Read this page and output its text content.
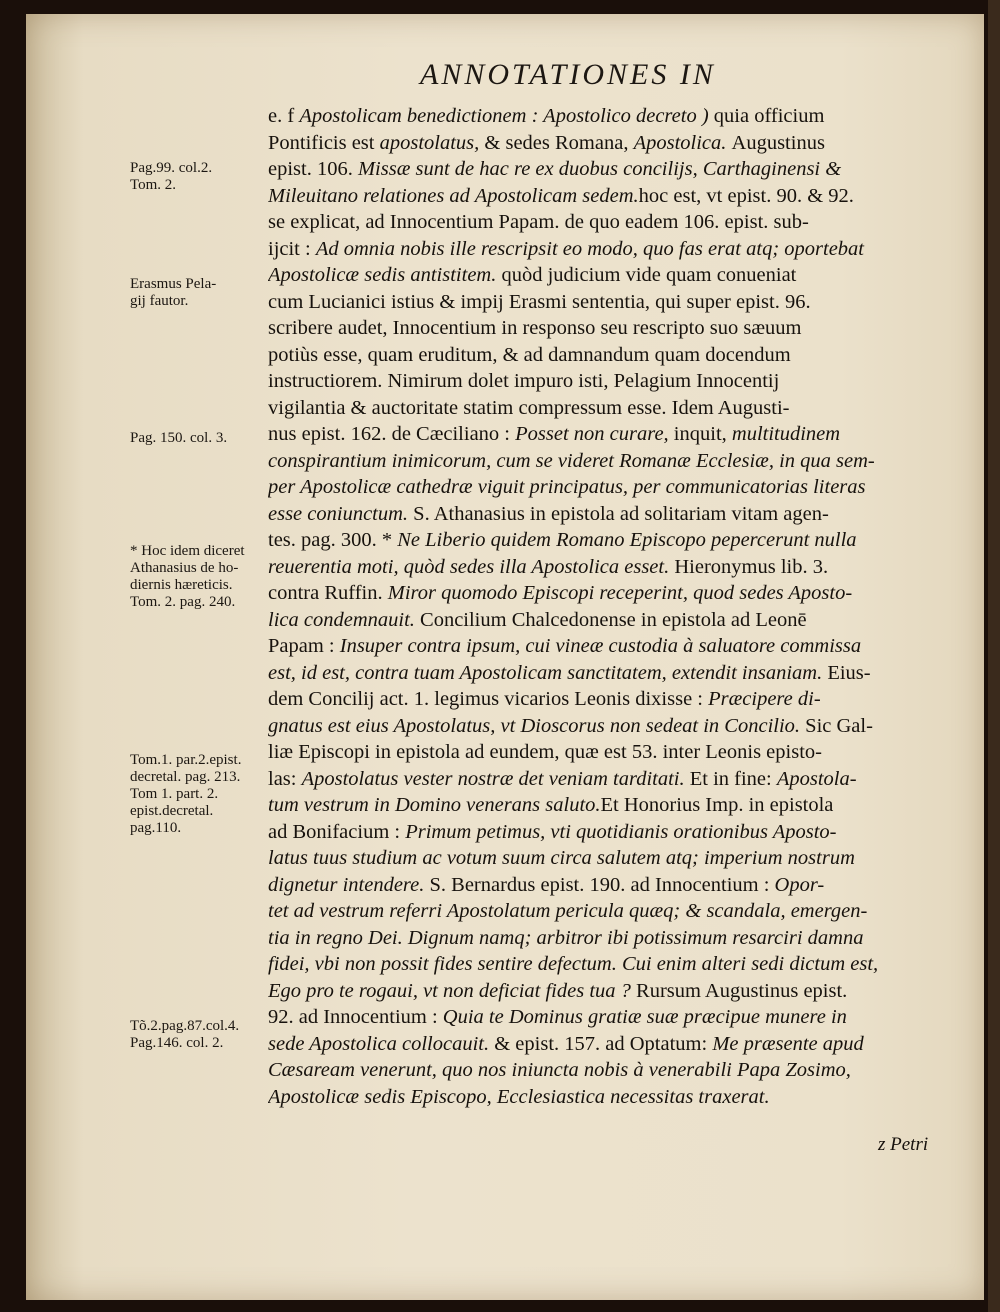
ANNOTATIONES IN
Pag.99. col.2.
Tom. 2.
Erasmus Pela-
gij fautor.
Pag. 150. col. 3.
* Hoc idem diceret
Athanasius de ho-
diernis hæreticis.
Tom. 2. pag. 240.
Tom.1. par.2.epist.
decretal. pag. 213.
Tom 1. part. 2.
epist.decretal.
pag.110.
Tõ.2.pag.87.col.4.
Pag.146. col. 2.
e. f Apostolicam benedictionem : Apostolico decreto ) quia officium
Pontificis est apostolatus, & sedes Romana, Apostolica. Augustinus
epist. 106. Missæ sunt de hac re ex duobus concilijs, Carthaginensi &
Mileuitano relationes ad Apostolicam sedem.hoc est, vt epist. 90. & 92.
se explicat, ad Innocentium Papam. de quo eadem 106. epist. sub-
ijcit : Ad omnia nobis ille rescripsit eo modo, quo fas erat atq; oportebat
Apostolicæ sedis antistitem. quòd judicium vide quam conueniat
cum Lucianici istius & impij Erasmi sententia, qui super epist. 96.
scribere audet, Innocentium in responso seu rescripto suo sæuum
potiùs esse, quam eruditum, & ad damnandum quam docendum
instructiorem. Nimirum dolet impuro isti, Pelagium Innocentij
vigilantia & auctoritate statim compressum esse. Idem Augusti-
nus epist. 162. de Cæciliano : Posset non curare, inquit, multitudinem
conspirantium inimicorum, cum se videret Romanæ Ecclesiæ, in qua sem-
per Apostolicæ cathedræ viguit principatus, per communicatorias literas
esse coniunctum. S. Athanasius in epistola ad solitariam vitam agen-
tes. pag. 300. * Ne Liberio quidem Romano Episcopo pepercerunt nulla
reuerentia moti, quòd sedes illa Apostolica esset. Hieronymus lib. 3.
contra Ruffin. Miror quomodo Episcopi receperint, quod sedes Aposto-
lica condemnauit. Concilium Chalcedonense in epistola ad Leonē
Papam : Insuper contra ipsum, cui vineæ custodia à saluatore commissa
est, id est, contra tuam Apostolicam sanctitatem, extendit insaniam. Eius-
dem Concilij act. 1. legimus vicarios Leonis dixisse : Præcipere di-
gnatus est eius Apostolatus, vt Dioscorus non sedeat in Concilio. Sic Gal-
liæ Episcopi in epistola ad eundem, quæ est 53. inter Leonis episto-
las: Apostolatus vester nostræ det veniam tarditati. Et in fine: Apostola-
tum vestrum in Domino venerans saluto.Et Honorius Imp. in epistola
ad Bonifacium : Primum petimus, vti quotidianis orationibus Aposto-
latus tuus studium ac votum suum circa salutem atq; imperium nostrum
dignetur intendere. S. Bernardus epist. 190. ad Innocentium : Opor-
tet ad vestrum referri Apostolatum pericula quæq; & scandala, emergen-
tia in regno Dei. Dignum namq; arbitror ibi potissimum resarciri damna
fidei, vbi non possit fides sentire defectum. Cui enim alteri sedi dictum est,
Ego pro te rogaui, vt non deficiat fides tua ? Rursum Augustinus epist.
92. ad Innocentium : Quia te Dominus gratiæ suæ præcipue munere in
sede Apostolica collocauit. & epist. 157. ad Optatum: Me præsente apud
Cæsaream venerunt, quo nos iniuncta nobis à venerabili Papa Zosimo,
Apostolicæ sedis Episcopo, Ecclesiastica necessitas traxerat.
z Petri
